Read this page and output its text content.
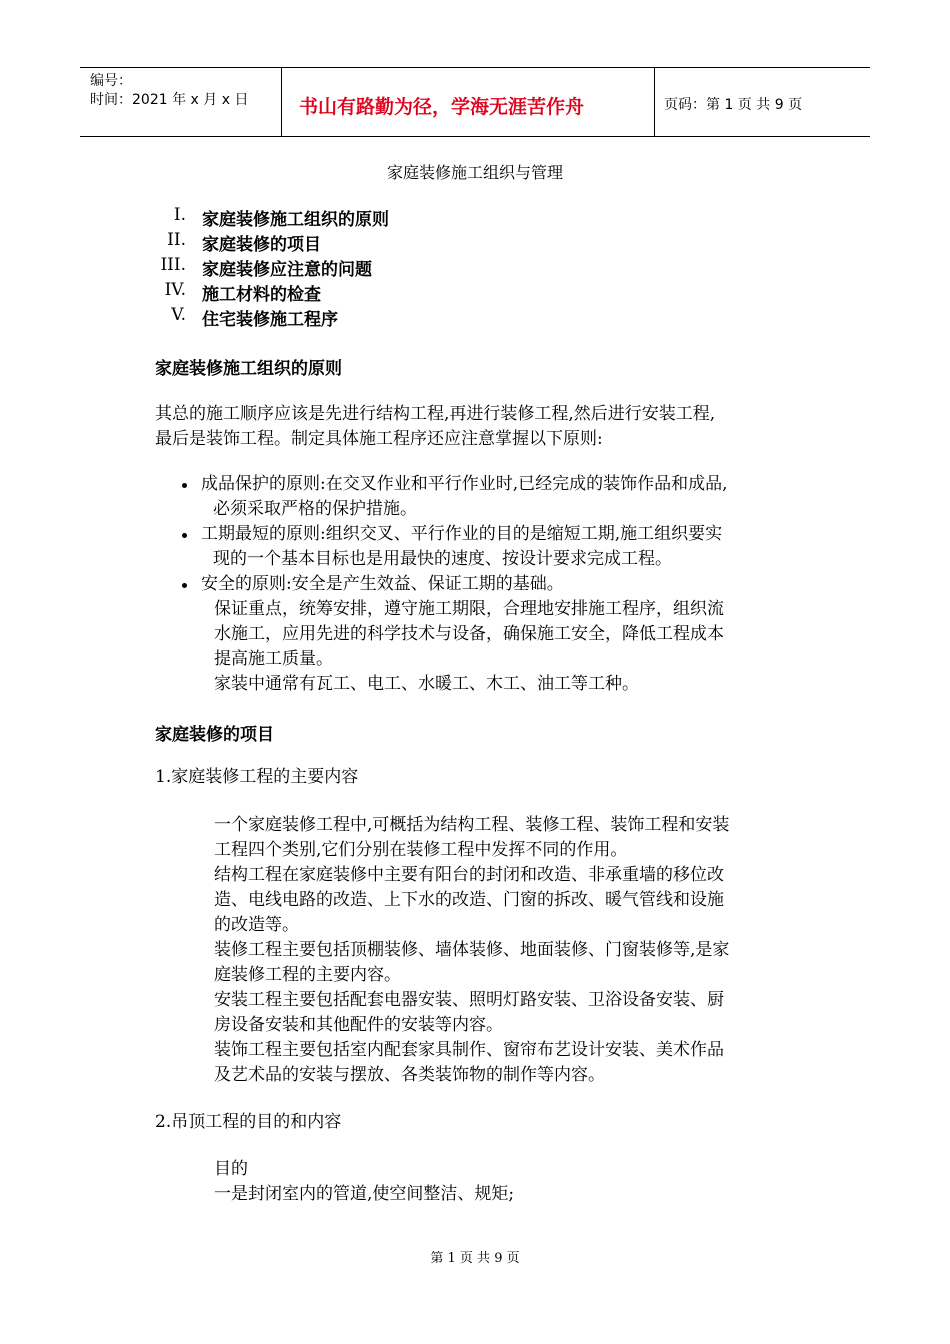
编号：
时间：2021 年 x 月 x 日	书山有路勤为径，学海无涯苦作舟	页码：第 1 页 共 9 页
家庭装修施工组织与管理
I. 家庭装修施工组织的原则
II. 家庭装修的项目
III. 家庭装修应注意的问题
IV. 施工材料的检查
V. 住宅装修施工程序
家庭装修施工组织的原则
其总的施工顺序应该是先进行结构工程,再进行装修工程,然后进行安装工程,
最后是装饰工程。制定具体施工程序还应注意掌握以下原则:
成品保护的原则:在交叉作业和平行作业时,已经完成的装饰作品和成品,
必须采取严格的保护措施。
工期最短的原则:组织交叉、平行作业的目的是缩短工期,施工组织要实
现的一个基本目标也是用最快的速度、按设计要求完成工程。
安全的原则:安全是产生效益、保证工期的基础。
保证重点，统筹安排，遵守施工期限，合理地安排施工程序，组织流
水施工，应用先进的科学技术与设备，确保施工安全，降低工程成本
提高施工质量。
家装中通常有瓦工、电工、水暖工、木工、油工等工种。
家庭装修的项目
1.家庭装修工程的主要内容
一个家庭装修工程中,可概括为结构工程、装修工程、装饰工程和安装
工程四个类别,它们分别在装修工程中发挥不同的作用。
结构工程在家庭装修中主要有阳台的封闭和改造、非承重墙的移位改
造、电线电路的改造、上下水的改造、门窗的拆改、暖气管线和设施
的改造等。
装修工程主要包括顶棚装修、墙体装修、地面装修、门窗装修等,是家
庭装修工程的主要内容。
安装工程主要包括配套电器安装、照明灯路安装、卫浴设备安装、厨
房设备安装和其他配件的安装等内容。
装饰工程主要包括室内配套家具制作、窗帘布艺设计安装、美术作品
及艺术品的安装与摆放、各类装饰物的制作等内容。
2.吊顶工程的目的和内容
目的
一是封闭室内的管道,使空间整洁、规矩;
第 1 页 共 9 页
